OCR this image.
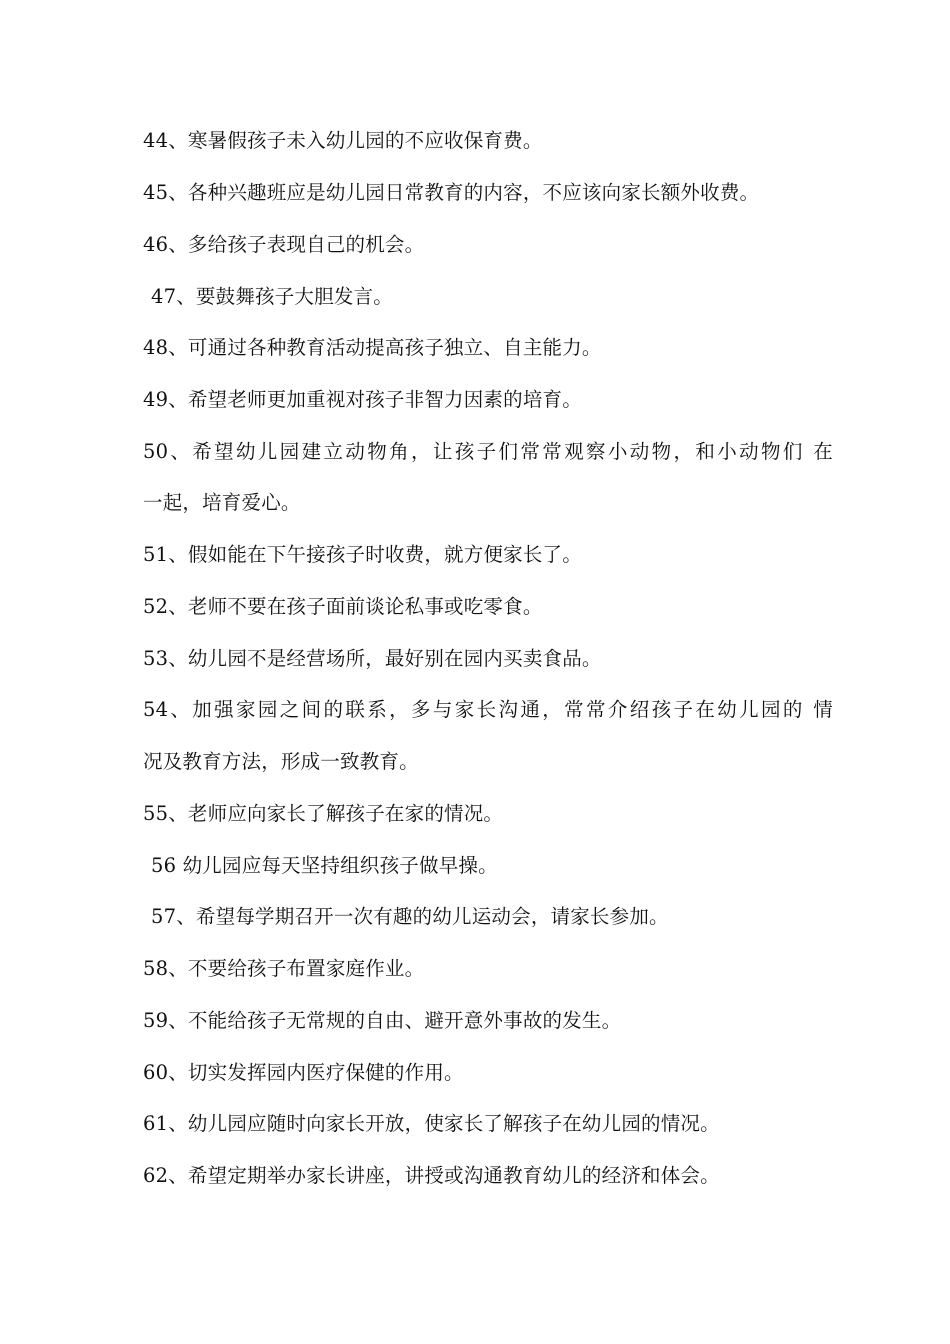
44、寒暑假孩子未入幼儿园的不应收保育费。
45、各种兴趣班应是幼儿园日常教育的内容，不应该向家长额外收费。
46、多给孩子表现自己的机会。
47、要鼓舞孩子大胆发言。
48、可通过各种教育活动提高孩子独立、自主能力。
49、希望老师更加重视对孩子非智力因素的培育。
50、希望幼儿园建立动物角，让孩子们常常观察小动物，和小动物们 在
一起，培育爱心。
51、假如能在下午接孩子时收费，就方便家长了。
52、老师不要在孩子面前谈论私事或吃零食。
53、幼儿园不是经营场所，最好别在园内买卖食品。
54、加强家园之间的联系，多与家长沟通，常常介绍孩子在幼儿园的 情
况及教育方法，形成一致教育。
55、老师应向家长了解孩子在家的情况。
56 幼儿园应每天坚持组织孩子做早操。
57、希望每学期召开一次有趣的幼儿运动会，请家长参加。
58、不要给孩子布置家庭作业。
59、不能给孩子无常规的自由、避开意外事故的发生。
60、切实发挥园内医疗保健的作用。
61、幼儿园应随时向家长开放，使家长了解孩子在幼儿园的情况。
62、希望定期举办家长讲座，讲授或沟通教育幼儿的经济和体会。
